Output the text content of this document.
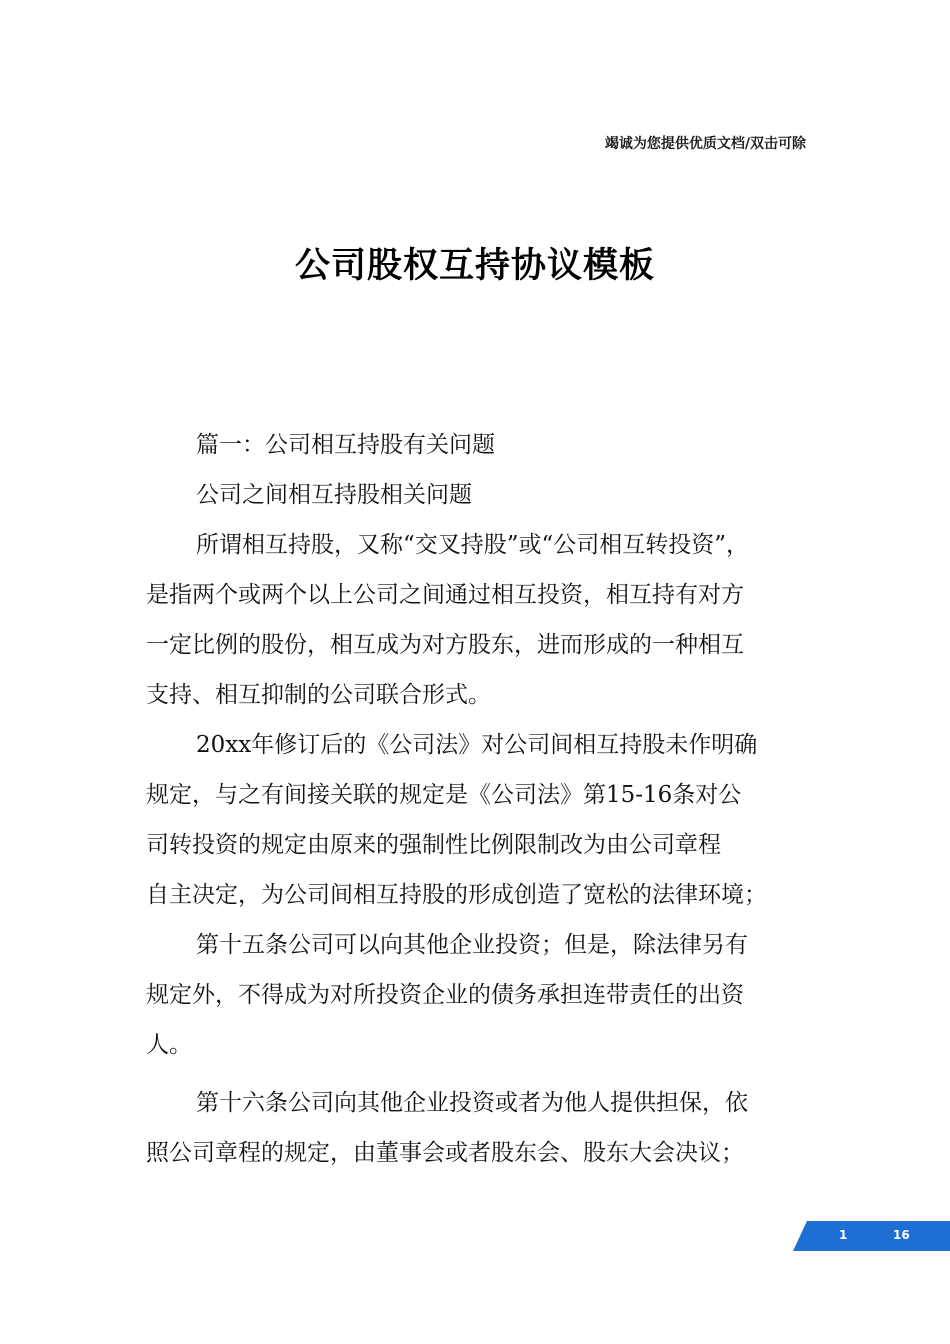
竭诚为您提供优质文档/双击可除
公司股权互持协议模板

篇一：公司相互持股有关问题

公司之间相互持股相关问题

所谓相互持股，又称“交叉持股”或“公司相互转投资”，
是指两个或两个以上公司之间通过相互投资，相互持有对方
一定比例的股份，相互成为对方股东，进而形成的一种相互
支持、相互抑制的公司联合形式。

20xx年修订后的《公司法》对公司间相互持股未作明确
规定，与之有间接关联的规定是《公司法》第15-16条对公
司转投资的规定由原来的强制性比例限制改为由公司章程
自主决定，为公司间相互持股的形成创造了宽松的法律环境；

第十五条公司可以向其他企业投资；但是，除法律另有
规定外，不得成为对所投资企业的债务承担连带责任的出资
人。

第十六条公司向其他企业投资或者为他人提供担保，依
照公司章程的规定，由董事会或者股东会、股东大会决议；

1	16
